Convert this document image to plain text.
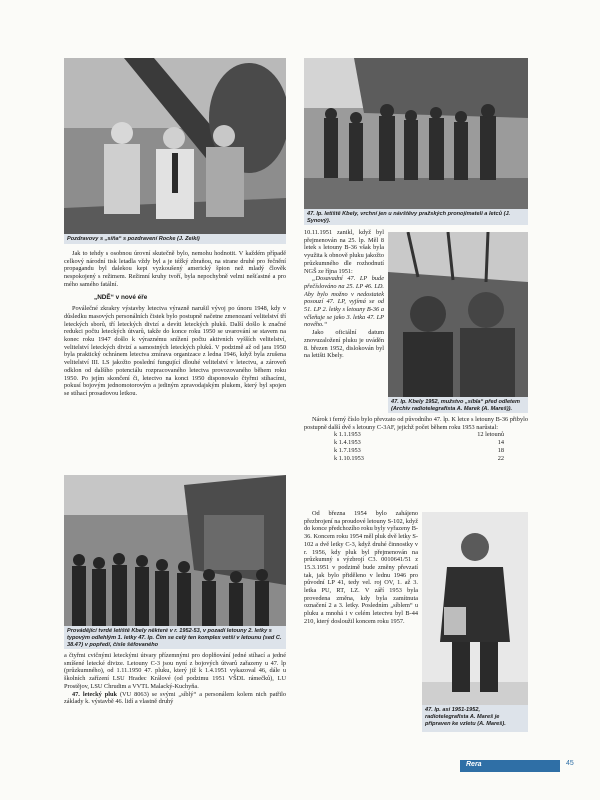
Pozdravovy s „síňa“ s pozdravení Rocke (J. Zeiki)
47. lp. letiště Kbely, vrchní jen u návštěvy pražských pronojímateli a letců (J. Synový).
47. lp. Kbely 1952, mužstvo „síbla“ před odletem (Archiv radiotelegrafista A. Marek (A. Mareš)).
Provádějící tvrdé letiště Kbely některé v r. 1952-53, v pozadí letouny 2. letky s typovým odlehlým 1. letky 47. lp. Čím se celý ten komplex vetší v letounu (sed C. 38.4?) v popředí, čísle šéfovaného
47. lp. asi 1951-1952, radiotelegrafista A. Mareš je připraven ke vzletu (A. Mareš).

Jak to tehdy s osobnou úrovní skutečně bylo, nemohu hodnotit. V každém případě celkový národní tisk letadla vždy byl a je téžký zbraňou, na strane druhé pro řečnění propagandu byl dalekou kepi vyzkoušený americký špion než mladý člověk nespokojený s režimem. Režimní kruhy tvoří, byla nepochybně velmi nešťastné a pro mého samého fatální.

„NDĚ“ v nové éře

Poválečné zkrakry výstavby letectva výrazně narušil vývoj po únoru 1948, kdy v důsledku masových personálních čistek bylo postupně načetne zmenozaní velitelství tří leteckých sborů, tří leteckých divizí a devíti leteckých pluků. Další došlo k značné redukci počtu leteckých útvarů, takže do konce roku 1950 se uvarování se stavem na konec roku 1947 došlo k výraznému snížení počtu aktivních vyšších velitelství, velitelství leteckých divizí a samostných leteckých pluků. V podzimě až od jara 1950 byla praktický ochránem letectva zmírava organizace z ledna 1946, když byla zrušena velitelství III. LS jakožto poslední fungující dlouhé velitelství v letectvu, a zároveň odklon od dalšího potenciálu rozpracovaného letectva provozovaného během roku 1950. Po jejím skončení či, letectvo na konci 1950 disponovalo čtyřmi stíhacími, pokusí bojovým jednomotorovým a jediným zpravodajským plukem, který byl spojen se stíhací prosadovou letkou.

a čtyřmi cvičnými leteckými útvary přízemnými pro doplňování jedné stíhací a jedné smíšené letecké divize. Letouny C-3 jsou nyní z bojových útvarů zařazeny u 47. lp (průzkumného), od 1.11.1950 47. pluku, který již k 1.4.1951 vykazoval 46, dále u školních zařízení LSU Hradec Králové (od podzimu 1951 VŠDL rámečků), LU Prostějov, LSU Chrudim a VVTL Malacký-Kuchyňa.

47. letecký pluk (VU 8063) se svými „síblý“ a personálem kolem nich patřilo základy k. výstavbě 46. lidí a vlastně druhý

10.11.1951 zanikl, když byl přejmenován na 25. lp. Měl 8 letek s letouny B-36 však byla využita k obnově pluku jakožto průzkumného dle rozhodnutí NGŠ ze října 1951:

„Dosavadní 47. LP bude přečíslováno na 25. LP 46. LD. Aby bylo možno v nedostatek posouzí 47. LP, vyjímá se od 51. LP 2. letky s letouny B-36 a včleňuje se jako 3. letka 47. LP nového.“

Jako oficiální datum znovuzaložení pluku je uváděn 8. březen 1952, dislokován byl na letišti Kbely.

Nárok i ferný číslo bylo převzato od původního 47. lp. K letce s letouny B-36 přibylo postupně další dvě s letouny C-3AF, jejichž počet během roku 1953 narůstal:

k 1.1.1953	12 letounů
k 1.4.1953	14
k 1.7.1953	18
k 1.10.1953	22

Od března 1954 bylo zahájeno přezbrojení na proudové letouny S-102, když do konce předchozího roku byly vyřazeny B-36. Koncem roku 1954 měl pluk dvě letky S-102 a dvě letky C-3, když druhé činnostky v r. 1956, kdy pluk byl přejmenován na průzkumný s výzbrojí C3. 0010641/51 z 15.3.1951 v podzimě bude změny převzatí tak, jak bylo přiděleno v lednu 1946 pro původní LP 41, tedy vel. roj OV, 1. až 3. letka PU, RT, LZ. V září 1953 byla provedena změna, kdy byla zamítnuta označení 2 a 3. letky. Posledním „síblem“ u pluku a mnohá i v celém letectvu byl B-44 210, který dosloužil koncem roku 1957.

Rera	45
